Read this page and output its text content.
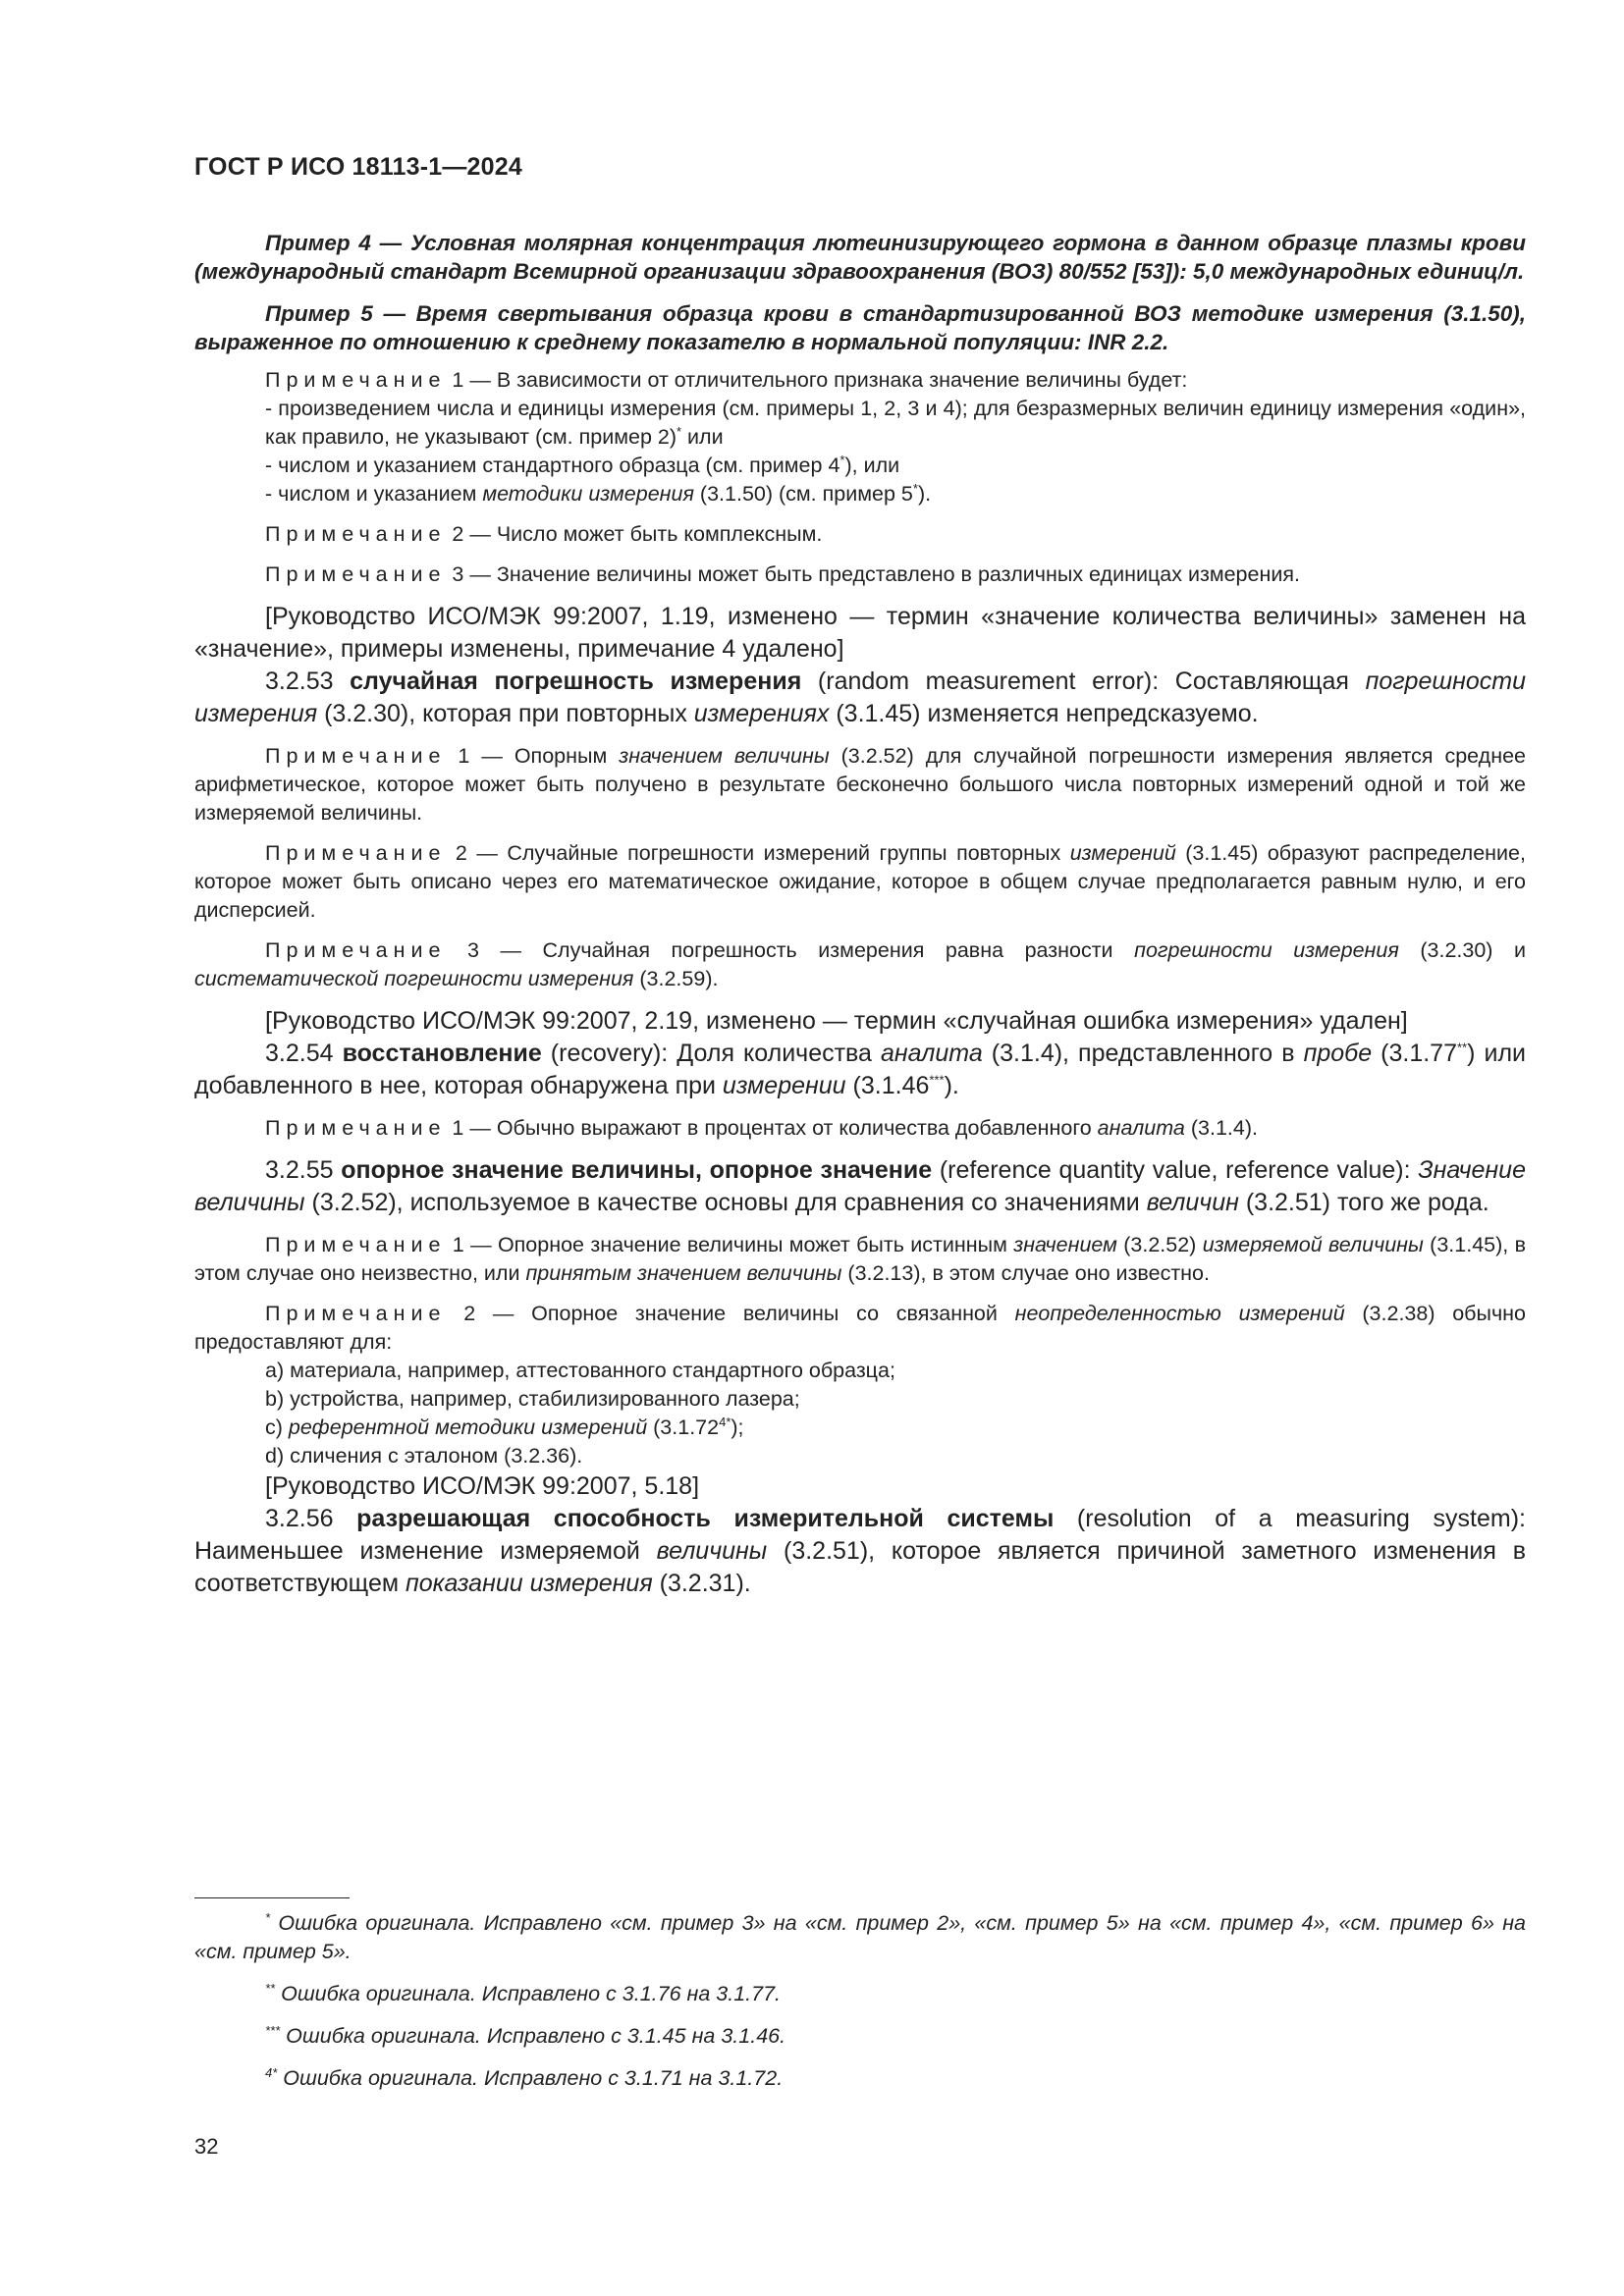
ГОСТ Р ИСО 18113-1—2024

Пример 4 — Условная молярная концентрация лютеинизирующего гормона в данном образце плазмы крови (международный стандарт Всемирной организации здравоохранения (ВОЗ) 80/552 [53]): 5,0 международных единиц/л.

Пример 5 — Время свертывания образца крови в стандартизированной ВОЗ методике измерения (3.1.50), выраженное по отношению к среднему показателю в нормальной популяции: INR 2.2.

Примечание 1 — В зависимости от отличительного признака значение величины будет:

- произведением числа и единицы измерения (см. примеры 1, 2, 3 и 4); для безразмерных величин единицу измерения «один», как правило, не указывают (см. пример 2)* или

- числом и указанием стандартного образца (см. пример 4*), или

- числом и указанием методики измерения (3.1.50) (см. пример 5*).

Примечание 2 — Число может быть комплексным.

Примечание 3 — Значение величины может быть представлено в различных единицах измерения.

[Руководство ИСО/МЭК 99:2007, 1.19, изменено — термин «значение количества величины» заменен на «значение», примеры изменены, примечание 4 удалено]

3.2.53 случайная погрешность измерения (random measurement error): Составляющая погрешности измерения (3.2.30), которая при повторных измерениях (3.1.45) изменяется непредсказуемо.

Примечание 1 — Опорным значением величины (3.2.52) для случайной погрешности измерения является среднее арифметическое, которое может быть получено в результате бесконечно большого числа повторных измерений одной и той же измеряемой величины.

Примечание 2 — Случайные погрешности измерений группы повторных измерений (3.1.45) образуют распределение, которое может быть описано через его математическое ожидание, которое в общем случае предполагается равным нулю, и его дисперсией.

Примечание 3 — Случайная погрешность измерения равна разности погрешности измерения (3.2.30) и систематической погрешности измерения (3.2.59).

[Руководство ИСО/МЭК 99:2007, 2.19, изменено — термин «случайная ошибка измерения» удален]

3.2.54 восстановление (recovery): Доля количества аналита (3.1.4), представленного в пробе (3.1.77**) или добавленного в нее, которая обнаружена при измерении (3.1.46***).

Примечание 1 — Обычно выражают в процентах от количества добавленного аналита (3.1.4).

3.2.55 опорное значение величины, опорное значение (reference quantity value, reference value): Значение величины (3.2.52), используемое в качестве основы для сравнения со значениями величин (3.2.51) того же рода.

Примечание 1 — Опорное значение величины может быть истинным значением (3.2.52) измеряемой величины (3.1.45), в этом случае оно неизвестно, или принятым значением величины (3.2.13), в этом случае оно известно.

Примечание 2 — Опорное значение величины со связанной неопределенностью измерений (3.2.38) обычно предоставляют для:

a) материала, например, аттестованного стандартного образца;

b) устройства, например, стабилизированного лазера;

c) референтной методики измерений $(3.1.72^{4*})$;

d) сличения с эталоном (3.2.36).

[Руководство ИСО/МЭК 99:2007, 5.18]

3.2.56 разрешающая способность измерительной системы (resolution of a measuring system): Наименьшее изменение измеряемой величины (3.2.51), которое является причиной заметного изменения в соответствующем показании измерения (3.2.31).

* Ошибка оригинала. Исправлено «см. пример 3» на «см. пример 2», «см. пример 5» на «см. пример 4», «см. пример 6» на «см. пример 5».

** Ошибка оригинала. Исправлено с 3.1.76 на 3.1.77.

*** Ошибка оригинала. Исправлено с 3.1.45 на 3.1.46.

$^{4*}$ Ошибка оригинала. Исправлено с 3.1.71 на 3.1.72.

32
